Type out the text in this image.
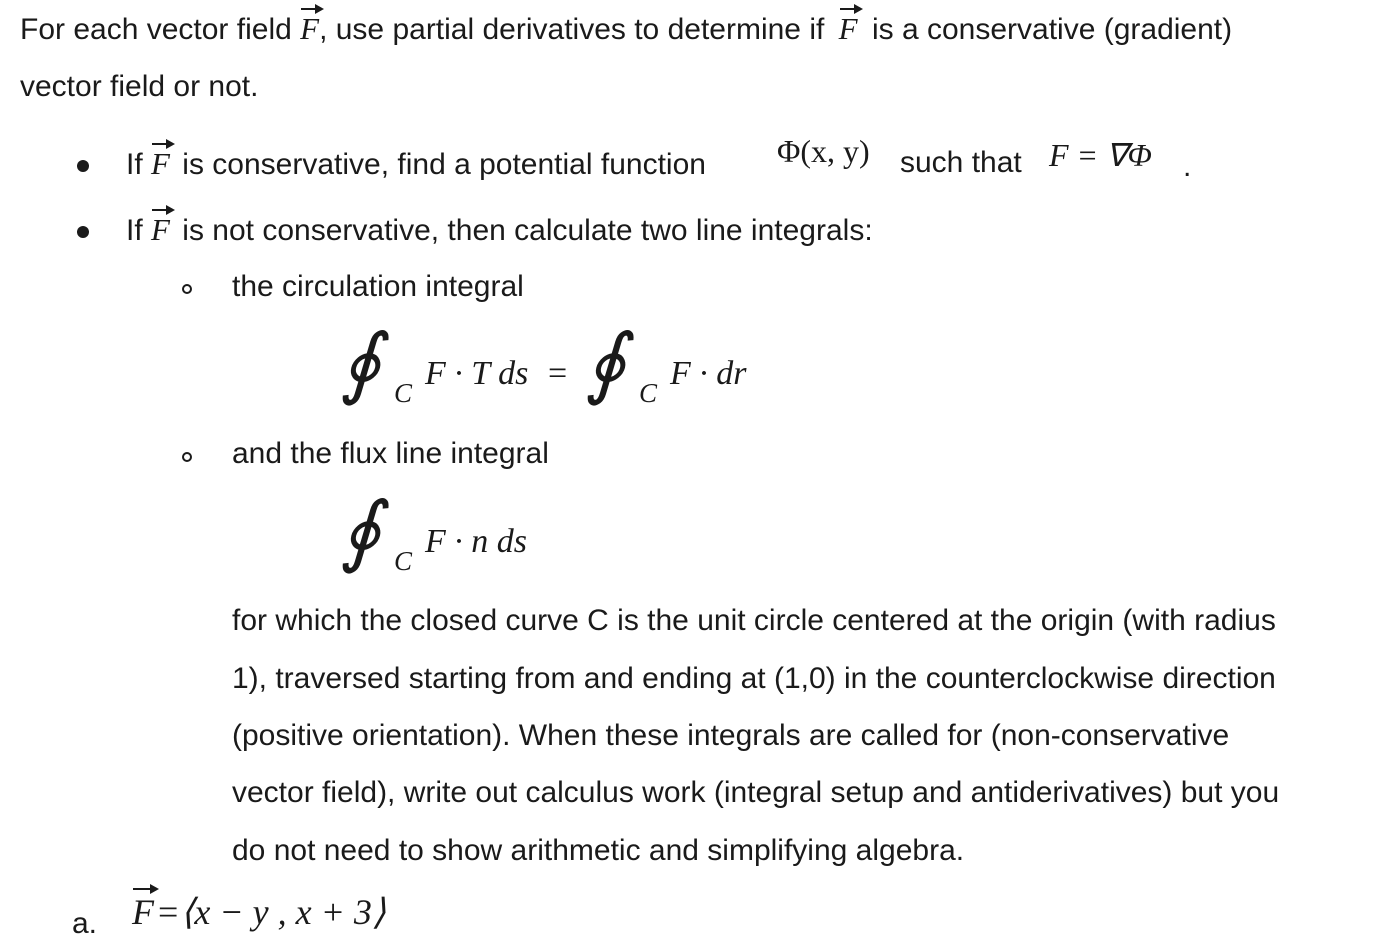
For each vector field F, use partial derivatives to determine if F is a conservative (gradient)
vector field or not.
If F is conservative, find a potential function Φ(x, y) such that F = ∇Φ .
If F is not conservative, then calculate two line integrals:
the circulation integral
∮ C
F · T ds = ∮ C
F · dr
and the flux line integral
∮ C
F · n ds
for which the closed curve C is the unit circle centered at the origin (with radius
1), traversed starting from and ending at (1,0) in the counterclockwise direction
(positive orientation). When these integrals are called for (non-conservative
vector field), write out calculus work (integral setup and antiderivatives) but you
do not need to show arithmetic and simplifying algebra.
a. F =⟨x − y , x + 3⟩
